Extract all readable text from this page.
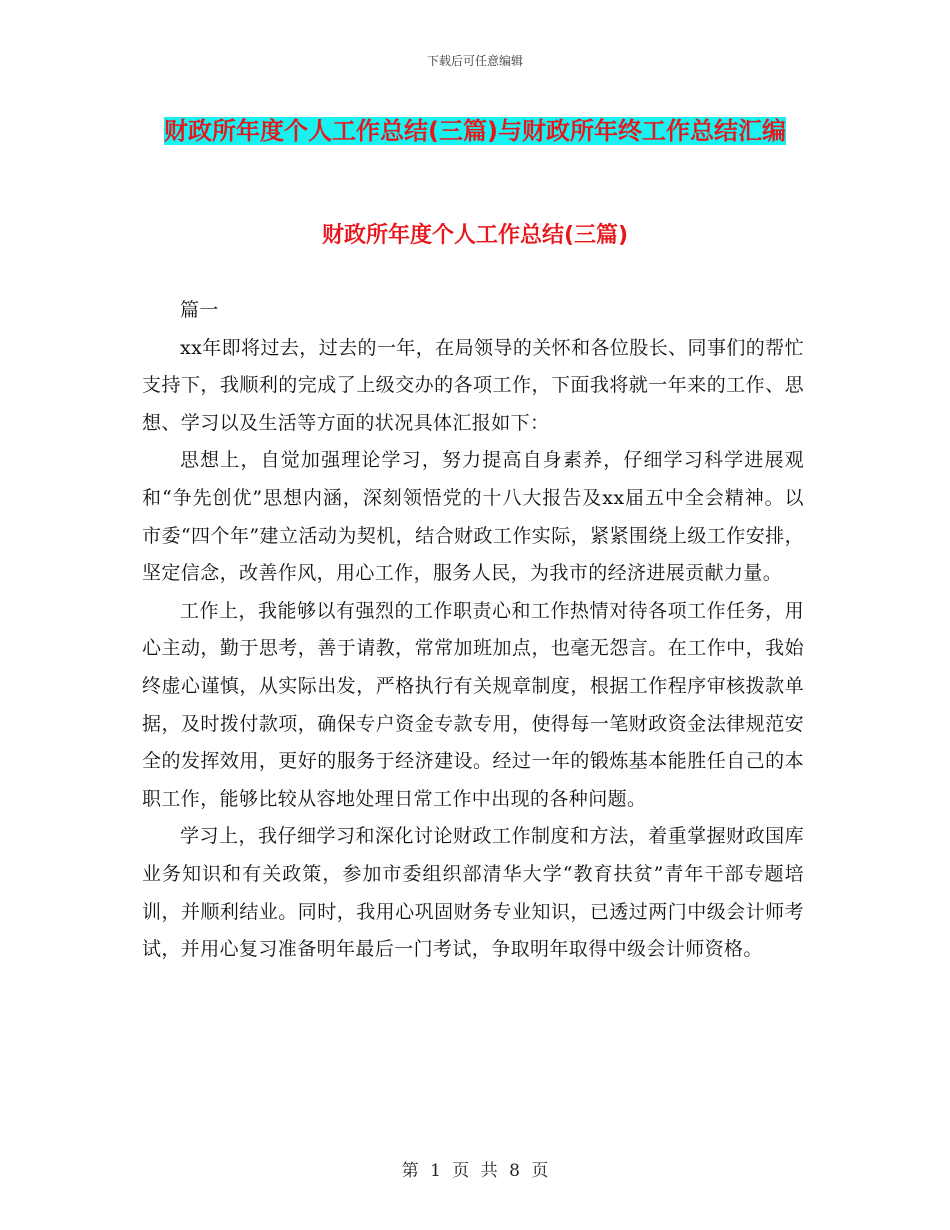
下载后可任意编辑
财政所年度个人工作总结(三篇)与财政所年终工作总结汇编
财政所年度个人工作总结(三篇)

篇一

xx年即将过去，过去的一年，在局领导的关怀和各位股长、同事们的帮忙支持下，我顺利的完成了上级交办的各项工作，下面我将就一年来的工作、思想、学习以及生活等方面的状况具体汇报如下：

思想上，自觉加强理论学习，努力提高自身素养，仔细学习科学进展观和“争先创优”思想内涵，深刻领悟党的十八大报告及xx届五中全会精神。以市委“四个年”建立活动为契机，结合财政工作实际，紧紧围绕上级工作安排，坚定信念，改善作风，用心工作，服务人民，为我市的经济进展贡献力量。

工作上，我能够以有强烈的工作职责心和工作热情对待各项工作任务，用心主动，勤于思考，善于请教，常常加班加点，也毫无怨言。在工作中，我始终虚心谨慎，从实际出发，严格执行有关规章制度，根据工作程序审核拨款单据，及时拨付款项，确保专户资金专款专用，使得每一笔财政资金法律规范安全的发挥效用，更好的服务于经济建设。经过一年的锻炼基本能胜任自己的本职工作，能够比较从容地处理日常工作中出现的各种问题。

学习上，我仔细学习和深化讨论财政工作制度和方法，着重掌握财政国库业务知识和有关政策，参加市委组织部清华大学“教育扶贫”青年干部专题培训，并顺利结业。同时，我用心巩固财务专业知识，已透过两门中级会计师考试，并用心复习准备明年最后一门考试，争取明年取得中级会计师资格。

第 1 页 共 8 页
